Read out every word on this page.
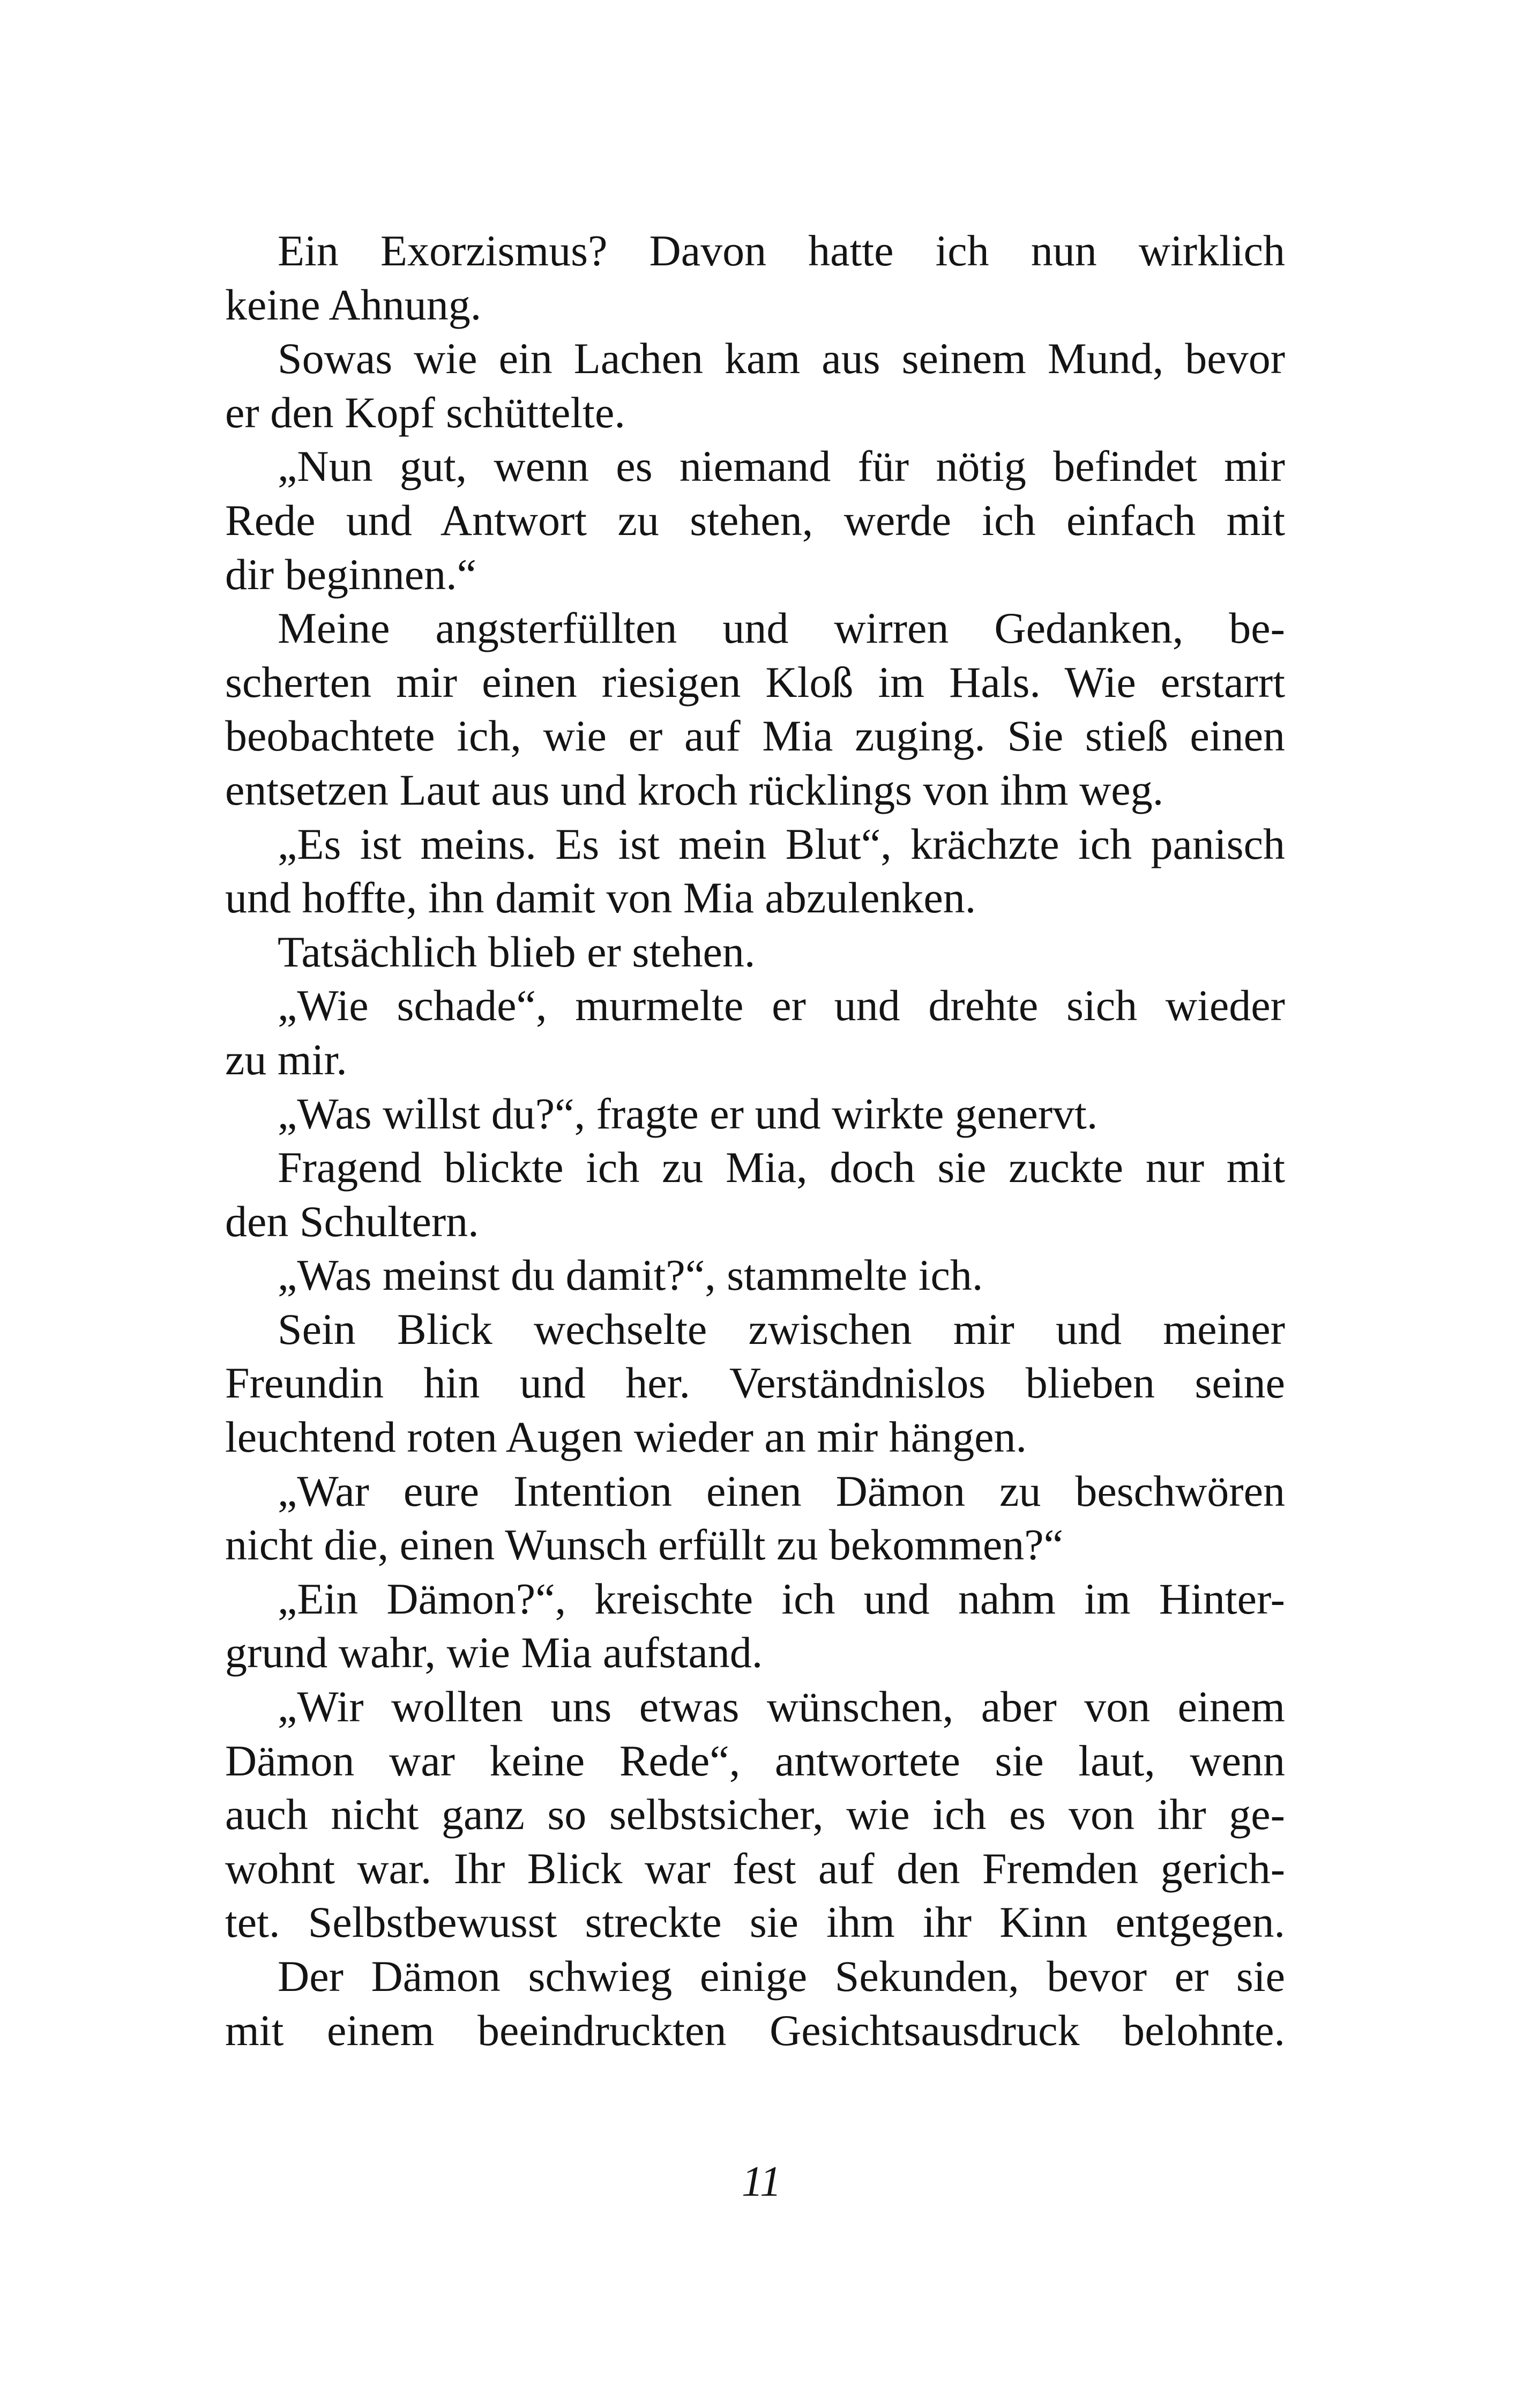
Ein Exorzismus? Davon hatte ich nun wirklich
keine Ahnung.
Sowas wie ein Lachen kam aus seinem Mund, bevor
er den Kopf schüttelte.
„Nun gut, wenn es niemand für nötig befindet mir
Rede und Antwort zu stehen, werde ich einfach mit
dir beginnen.“
Meine angsterfüllten und wirren Gedanken, be-
scherten mir einen riesigen Kloß im Hals. Wie erstarrt
beobachtete ich, wie er auf Mia zuging. Sie stieß einen
entsetzen Laut aus und kroch rücklings von ihm weg.
„Es ist meins. Es ist mein Blut“, krächzte ich panisch
und hoffte, ihn damit von Mia abzulenken.
Tatsächlich blieb er stehen.
„Wie schade“, murmelte er und drehte sich wieder
zu mir.
„Was willst du?“, fragte er und wirkte genervt.
Fragend blickte ich zu Mia, doch sie zuckte nur mit
den Schultern.
„Was meinst du damit?“, stammelte ich.
Sein Blick wechselte zwischen mir und meiner
Freundin hin und her. Verständnislos blieben seine
leuchtend roten Augen wieder an mir hängen.
„War eure Intention einen Dämon zu beschwören
nicht die, einen Wunsch erfüllt zu bekommen?“
„Ein Dämon?“, kreischte ich und nahm im Hinter-
grund wahr, wie Mia aufstand.
„Wir wollten uns etwas wünschen, aber von einem
Dämon war keine Rede“, antwortete sie laut, wenn
auch nicht ganz so selbstsicher, wie ich es von ihr ge-
wohnt war. Ihr Blick war fest auf den Fremden gerich-
tet. Selbstbewusst streckte sie ihm ihr Kinn entgegen.
Der Dämon schwieg einige Sekunden, bevor er sie
mit einem beeindruckten Gesichtsausdruck belohnte.
11
